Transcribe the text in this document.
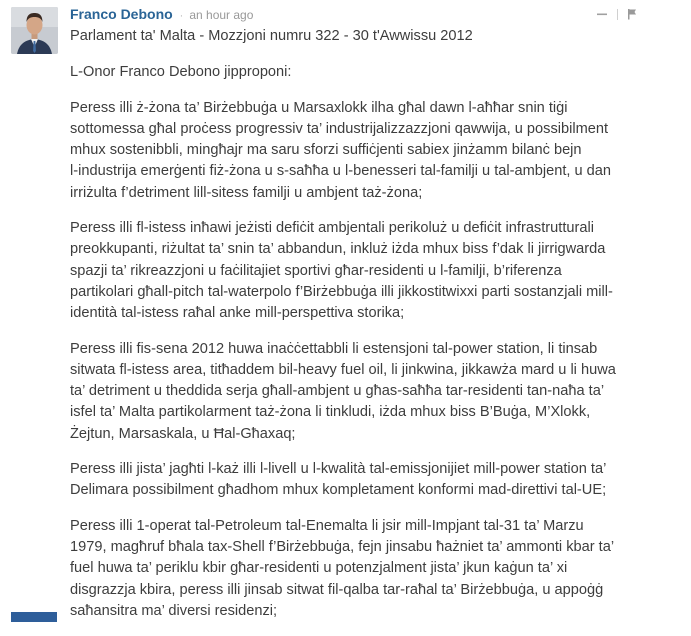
Franco Debono · an hour ago

Parlament ta' Malta - Mozzjoni numru 322 - 30 t'Awwissu 2012

L-Onor Franco Debono jipproponi:

Peress illi ż-żona ta’ Birżebbuġa u Marsaxlokk ilha għal dawn l-aħħar snin tiġi
sottomessa għal proċess progressiv ta’ industrijalizzazzjoni qawwija, u possibilment
mhux sostenibbli, mingħajr ma saru sforzi suffiċjenti sabiex jinżamm bilanċ bejn
l-industrija emerġenti fiż-żona u s-saħħa u l-benesseri tal-familji u tal-ambjent, u dan
irriżulta f’detriment lill-sitess familji u ambjent taż-żona;

Peress illi fl-istess inħawi jeżisti defiċit ambjentali perikoluż u defiċit infrastrutturali
preokkupanti, riżultat ta’ snin ta’ abbandun, inkluż iżda mhux biss f’dak li jirrigwarda
spazji ta’ rikreazzjoni u faċilitajiet sportivi għar-residenti u l-familji, b’riferenza
partikolari għall-pitch tal-waterpolo f’Birżebbuġa illi jikkostitwixxi parti sostanzjali mill-
identità tal-istess raħal anke mill-perspettiva storika;

Peress illi fis-sena 2012 huwa inaċċettabbli li estensjoni tal-power station, li tinsab
sitwata fl-istess area, titħaddem bil-heavy fuel oil, li jinkwina, jikkawża mard u li huwa
ta’ detriment u theddida serja għall-ambjent u għas-saħħa tar-residenti tan-naħa ta’
isfel ta’ Malta partikolarment taż-żona li tinkludi, iżda mhux biss B’Buġa, M’Xlokk,
Żejtun, Marsaskala, u Ħal-Għaxaq;

Peress illi jista’ jagħti l-każ illi l-livell u l-kwalità tal-emissjonijiet mill-power station ta’
Delimara possibilment għadhom mhux kompletament konformi mad-direttivi tal-UE;

Peress illi 1-operat tal-Petroleum tal-Enemalta li jsir mill-Impjant tal-31 ta’ Marzu
1979, magħruf bħala tax-Shell f’Birżebbuġa, fejn jinsabu ħażniet ta’ ammonti kbar ta’
fuel huwa ta’ periklu kbir għar-residenti u potenzjalment jista’ jkun kaġun ta’ xi
disgrazzja kbira, peress illi jinsab sitwat fil-qalba tar-raħal ta’ Birżebbuġa, u appoġġ
saħansitra ma’ diversi residenzi;
